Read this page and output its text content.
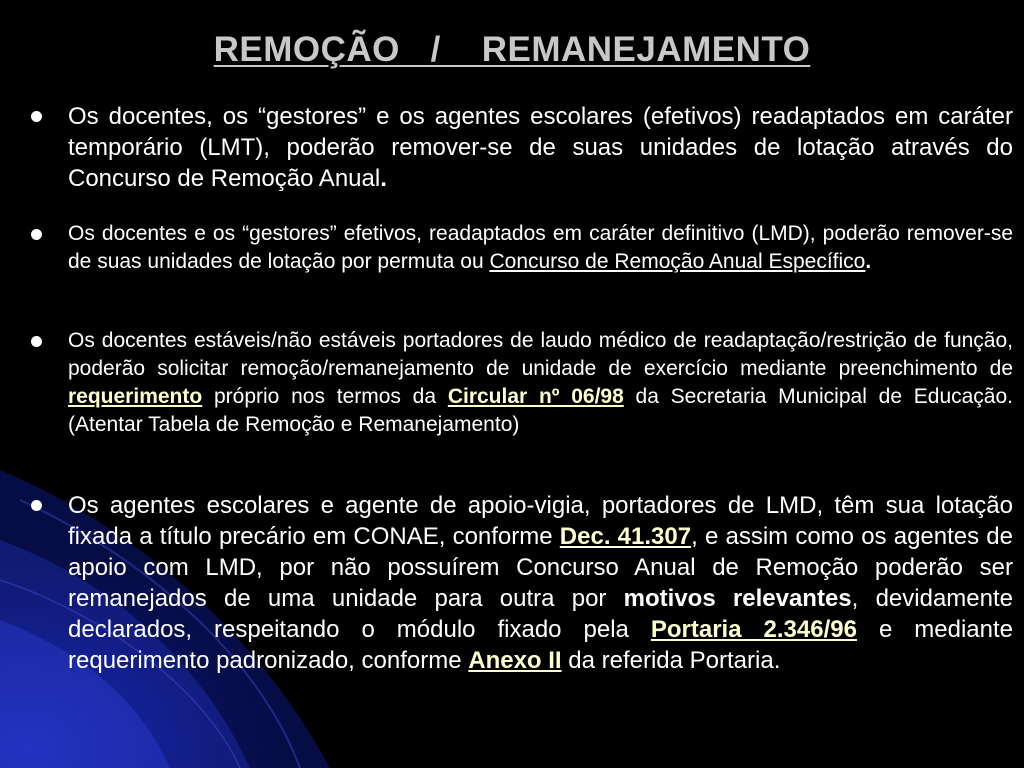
REMOÇÃO   /    REMANEJAMENTO
Os docentes, os “gestores” e os agentes escolares (efetivos) readaptados em caráter temporário (LMT), poderão remover-se de suas unidades de lotação através do Concurso de Remoção Anual.
Os docentes e os “gestores” efetivos, readaptados em caráter definitivo (LMD), poderão remover-se de suas unidades de lotação por permuta ou Concurso de Remoção Anual Específico.
Os docentes estáveis/não estáveis portadores de laudo médico de readaptação/restrição de função, poderão solicitar remoção/remanejamento de unidade de exercício mediante preenchimento de requerimento próprio nos termos da Circular nº 06/98 da Secretaria Municipal de Educação. (Atentar Tabela de Remoção e Remanejamento)
Os agentes escolares e agente de apoio-vigia, portadores de LMD, têm sua lotação fixada a título precário em CONAE, conforme Dec. 41.307, e assim como os agentes de apoio com LMD, por não possuírem Concurso Anual de Remoção poderão ser remanejados de uma unidade para outra por motivos relevantes, devidamente declarados, respeitando o módulo fixado pela Portaria 2.346/96 e mediante requerimento padronizado, conforme Anexo II da referida Portaria.
